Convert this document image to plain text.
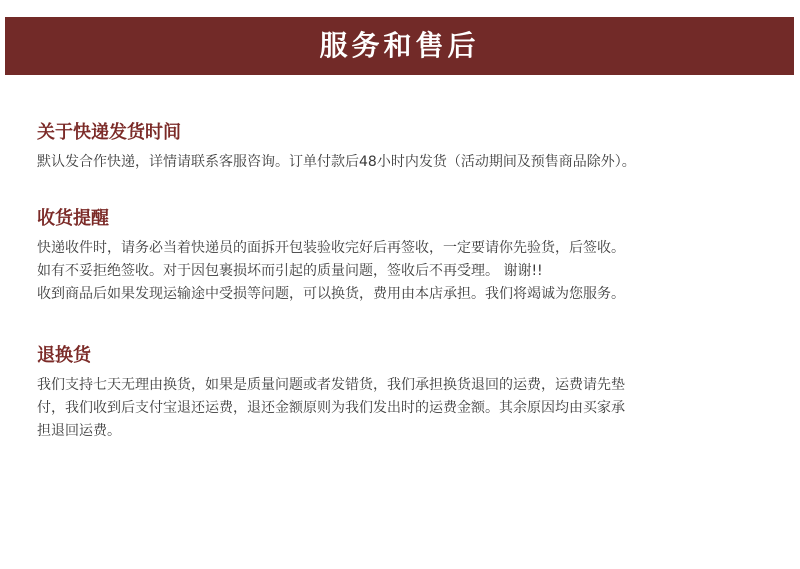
服务和售后
关于快递发货时间

默认发合作快递，详情请联系客服咨询。订单付款后48小时内发货（活动期间及预售商品除外）。

收货提醒

快递收件时，请务必当着快递员的面拆开包装验收完好后再签收，一定要请你先验货，后签收。

如有不妥拒绝签收。对于因包裹损坏而引起的质量问题，签收后不再受理。 谢谢!!

收到商品后如果发现运输途中受损等问题，可以换货，费用由本店承担。我们将竭诚为您服务。

退换货

我们支持七天无理由换货，如果是质量问题或者发错货，我们承担换货退回的运费，运费请先垫

付，我们收到后支付宝退还运费，退还金额原则为我们发出时的运费金额。其余原因均由买家承

担退回运费。
